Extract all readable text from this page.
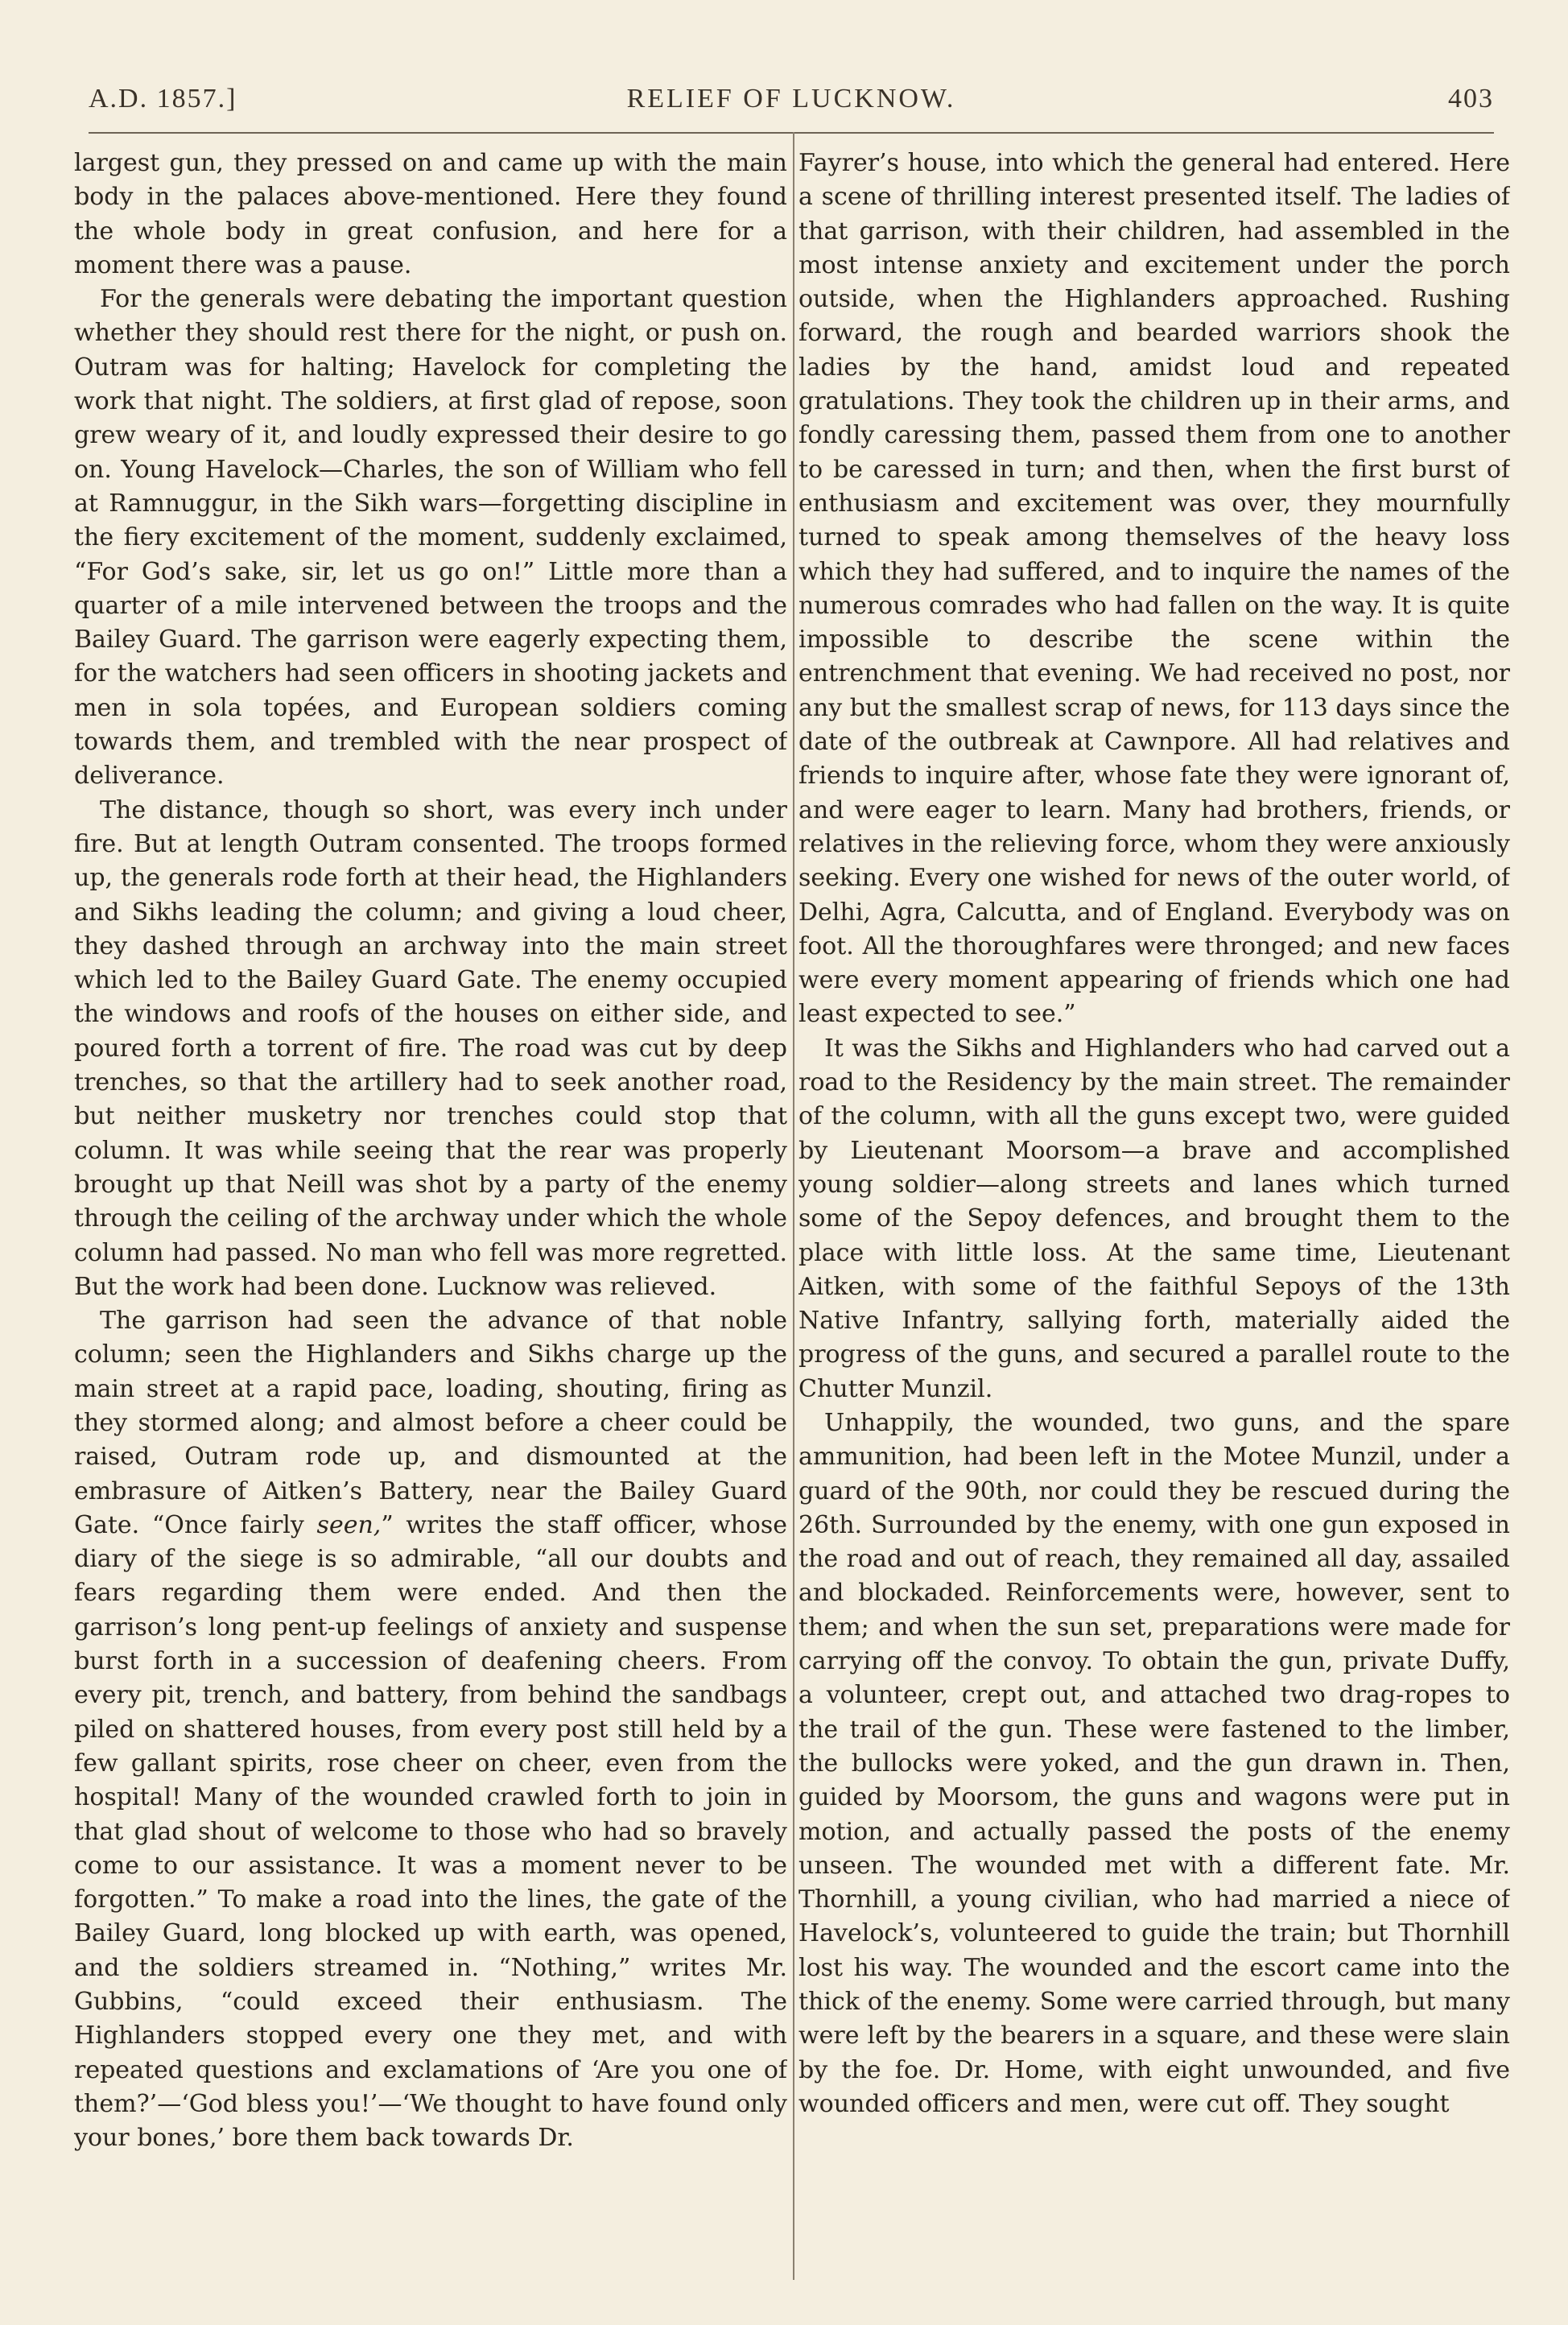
A.D. 1857.]	RELIEF OF LUCKNOW.	403

largest gun, they pressed on and came up with the main body in the palaces above-mentioned. Here they found the whole body in great confusion, and here for a moment there was a pause.

For the generals were debating the important question whether they should rest there for the night, or push on. Outram was for halting; Havelock for completing the work that night. The soldiers, at first glad of repose, soon grew weary of it, and loudly expressed their desire to go on. Young Havelock—Charles, the son of William who fell at Ramnuggur, in the Sikh wars—forgetting discipline in the fiery excitement of the moment, suddenly exclaimed, “For God’s sake, sir, let us go on!” Little more than a quarter of a mile intervened between the troops and the Bailey Guard. The garrison were eagerly expecting them, for the watchers had seen officers in shooting jackets and men in sola topées, and European soldiers coming towards them, and trembled with the near prospect of deliverance.

The distance, though so short, was every inch under fire. But at length Outram consented. The troops formed up, the generals rode forth at their head, the Highlanders and Sikhs leading the column; and giving a loud cheer, they dashed through an archway into the main street which led to the Bailey Guard Gate. The enemy occupied the windows and roofs of the houses on either side, and poured forth a torrent of fire. The road was cut by deep trenches, so that the artillery had to seek another road, but neither musketry nor trenches could stop that column. It was while seeing that the rear was properly brought up that Neill was shot by a party of the enemy through the ceiling of the archway under which the whole column had passed. No man who fell was more regretted. But the work had been done. Lucknow was relieved.

The garrison had seen the advance of that noble column; seen the Highlanders and Sikhs charge up the main street at a rapid pace, loading, shouting, firing as they stormed along; and almost before a cheer could be raised, Outram rode up, and dismounted at the embrasure of Aitken’s Battery, near the Bailey Guard Gate. “Once fairly seen,” writes the staff officer, whose diary of the siege is so admirable, “all our doubts and fears regarding them were ended. And then the garrison’s long pent-up feelings of anxiety and suspense burst forth in a succession of deafening cheers. From every pit, trench, and battery, from behind the sandbags piled on shattered houses, from every post still held by a few gallant spirits, rose cheer on cheer, even from the hospital! Many of the wounded crawled forth to join in that glad shout of welcome to those who had so bravely come to our assistance. It was a moment never to be forgotten.” To make a road into the lines, the gate of the Bailey Guard, long blocked up with earth, was opened, and the soldiers streamed in. “Nothing,” writes Mr. Gubbins, “could exceed their enthusiasm. The Highlanders stopped every one they met, and with repeated questions and exclamations of ‘Are you one of them?’—‘God bless you!’—‘We thought to have found only your bones,’ bore them back towards Dr.

Fayrer’s house, into which the general had entered. Here a scene of thrilling interest presented itself. The ladies of that garrison, with their children, had assembled in the most intense anxiety and excitement under the porch outside, when the Highlanders approached. Rushing forward, the rough and bearded warriors shook the ladies by the hand, amidst loud and repeated gratulations. They took the children up in their arms, and fondly caressing them, passed them from one to another to be caressed in turn; and then, when the first burst of enthusiasm and excitement was over, they mournfully turned to speak among themselves of the heavy loss which they had suffered, and to inquire the names of the numerous comrades who had fallen on the way. It is quite impossible to describe the scene within the entrenchment that evening. We had received no post, nor any but the smallest scrap of news, for 113 days since the date of the outbreak at Cawnpore. All had relatives and friends to inquire after, whose fate they were ignorant of, and were eager to learn. Many had brothers, friends, or relatives in the relieving force, whom they were anxiously seeking. Every one wished for news of the outer world, of Delhi, Agra, Calcutta, and of England. Everybody was on foot. All the thoroughfares were thronged; and new faces were every moment appearing of friends which one had least expected to see.”

It was the Sikhs and Highlanders who had carved out a road to the Residency by the main street. The remainder of the column, with all the guns except two, were guided by Lieutenant Moorsom—a brave and accomplished young soldier—along streets and lanes which turned some of the Sepoy defences, and brought them to the place with little loss. At the same time, Lieutenant Aitken, with some of the faithful Sepoys of the 13th Native Infantry, sallying forth, materially aided the progress of the guns, and secured a parallel route to the Chutter Munzil.

Unhappily, the wounded, two guns, and the spare ammunition, had been left in the Motee Munzil, under a guard of the 90th, nor could they be rescued during the 26th. Surrounded by the enemy, with one gun exposed in the road and out of reach, they remained all day, assailed and blockaded. Reinforcements were, however, sent to them; and when the sun set, preparations were made for carrying off the convoy. To obtain the gun, private Duffy, a volunteer, crept out, and attached two drag-ropes to the trail of the gun. These were fastened to the limber, the bullocks were yoked, and the gun drawn in. Then, guided by Moorsom, the guns and wagons were put in motion, and actually passed the posts of the enemy unseen. The wounded met with a different fate. Mr. Thornhill, a young civilian, who had married a niece of Havelock’s, volunteered to guide the train; but Thornhill lost his way. The wounded and the escort came into the thick of the enemy. Some were carried through, but many were left by the bearers in a square, and these were slain by the foe. Dr. Home, with eight unwounded, and five wounded officers and men, were cut off. They sought
